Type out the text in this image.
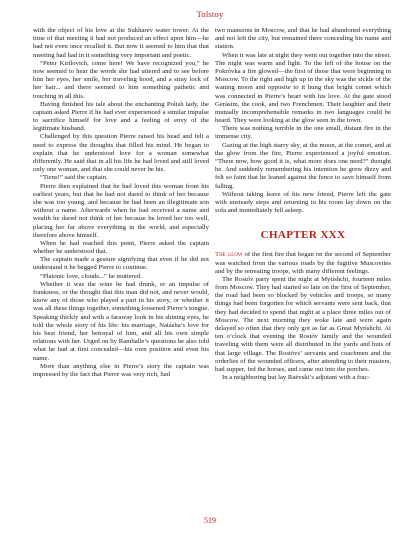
Tolstoy

with the object of his love at the Sukharev water tower. At the time of that meeting it had not produced an effect upon him—he had not even once recalled it. But now it seemed to him that that meeting had had in it something very important and poetic.

“Peter Kirílovich, come here! We have recognized you,” he now seemed to hear the words she had uttered and to see before him her eyes, her smile, her traveling hood, and a stray lock of her hair... and there seemed to him something pathetic and touching in all this.

Having finished his tale about the enchanting Polish lady, the captain asked Pierre if he had ever experienced a similar impulse to sacrifice himself for love and a feeling of envy of the legitimate husband.

Challenged by this question Pierre raised his head and felt a need to express the thoughts that filled his mind. He began to explain that he understood love for a woman somewhat differently. He said that in all his life he had loved and still loved only one woman, and that she could never be his.

“Tiens!” said the captain.

Pierre then explained that he had loved this woman from his earliest years, but that he had not dared to think of her because she was too young, and because he had been an illegitimate son without a name. Afterwards when he had received a name and wealth he dared not think of her because he loved her too well, placing her far above everything in the world, and especially therefore above himself.

When he had reached this point, Pierre asked the captain whether he understood that.

The captain made a gesture signifying that even if he did not understand it he begged Pierre to continue.

“Platonic love, clouds...” he muttered.

Whether it was the wine he had drunk, or an impulse of frankness, or the thought that this man did not, and never would, know any of those who played a part in his story, or whether it was all these things together, something loosened Pierre’s tongue. Speaking thickly and with a faraway look in his shining eyes, he told the whole story of his life: his marriage, Natásha’s love for his best friend, her betrayal of him, and all his own simple relations with her. Urged on by Ramballe’s questions he also told what he had at first concealed—his own position and even his name.

More than anything else in Pierre’s story the captain was impressed by the fact that Pierre was very rich, had

two mansions in Moscow, and that he had abandoned everything and not left the city, but remained there concealing his name and station.

When it was late at night they went out together into the street. The night was warm and light. To the left of the house on the Pokróvka a fire glowed—the first of those that were beginning in Moscow. To the right and high up in the sky was the sickle of the waning moon and opposite to it hung that bright comet which was connected in Pierre’s heart with his love. At the gate stood Gerásim, the cook, and two Frenchmen. Their laughter and their mutually incomprehensible remarks in two languages could be heard. They were looking at the glow seen in the town.

There was nothing terrible in the one small, distant fire in the immense city.

Gazing at the high starry sky, at the moon, at the comet, and at the glow from the fire, Pierre experienced a joyful emotion. “There now, how good it is, what more does one need?” thought he. And suddenly remembering his intention he grew dizzy and felt so faint that he leaned against the fence to save himself from falling.

Without taking leave of his new friend, Pierre left the gate with unsteady steps and returning to his room lay down on the sofa and immediately fell asleep.

CHAPTER XXX

The glow of the first fire that began on the second of September was watched from the various roads by the fugitive Muscovites and by the retreating troops, with many different feelings.

The Rostóv party spent the night at Mytíshchi, fourteen miles from Moscow. They had started so late on the first of September, the road had been so blocked by vehicles and troops, so many things had been forgotten for which servants were sent back, that they had decided to spend that night at a place three miles out of Moscow. The next morning they woke late and were again delayed so often that they only got as far as Great Mytíshchi. At ten o’clock that evening the Rostóv family and the wounded traveling with them were all distributed in the yards and huts of that large village. The Rostóvs’ servants and coachmen and the orderlies of the wounded officers, after attending to their masters, had supper, fed the horses, and came out into the porches.

In a neighboring hut lay Raévski’s adjutant with a frac-

519
